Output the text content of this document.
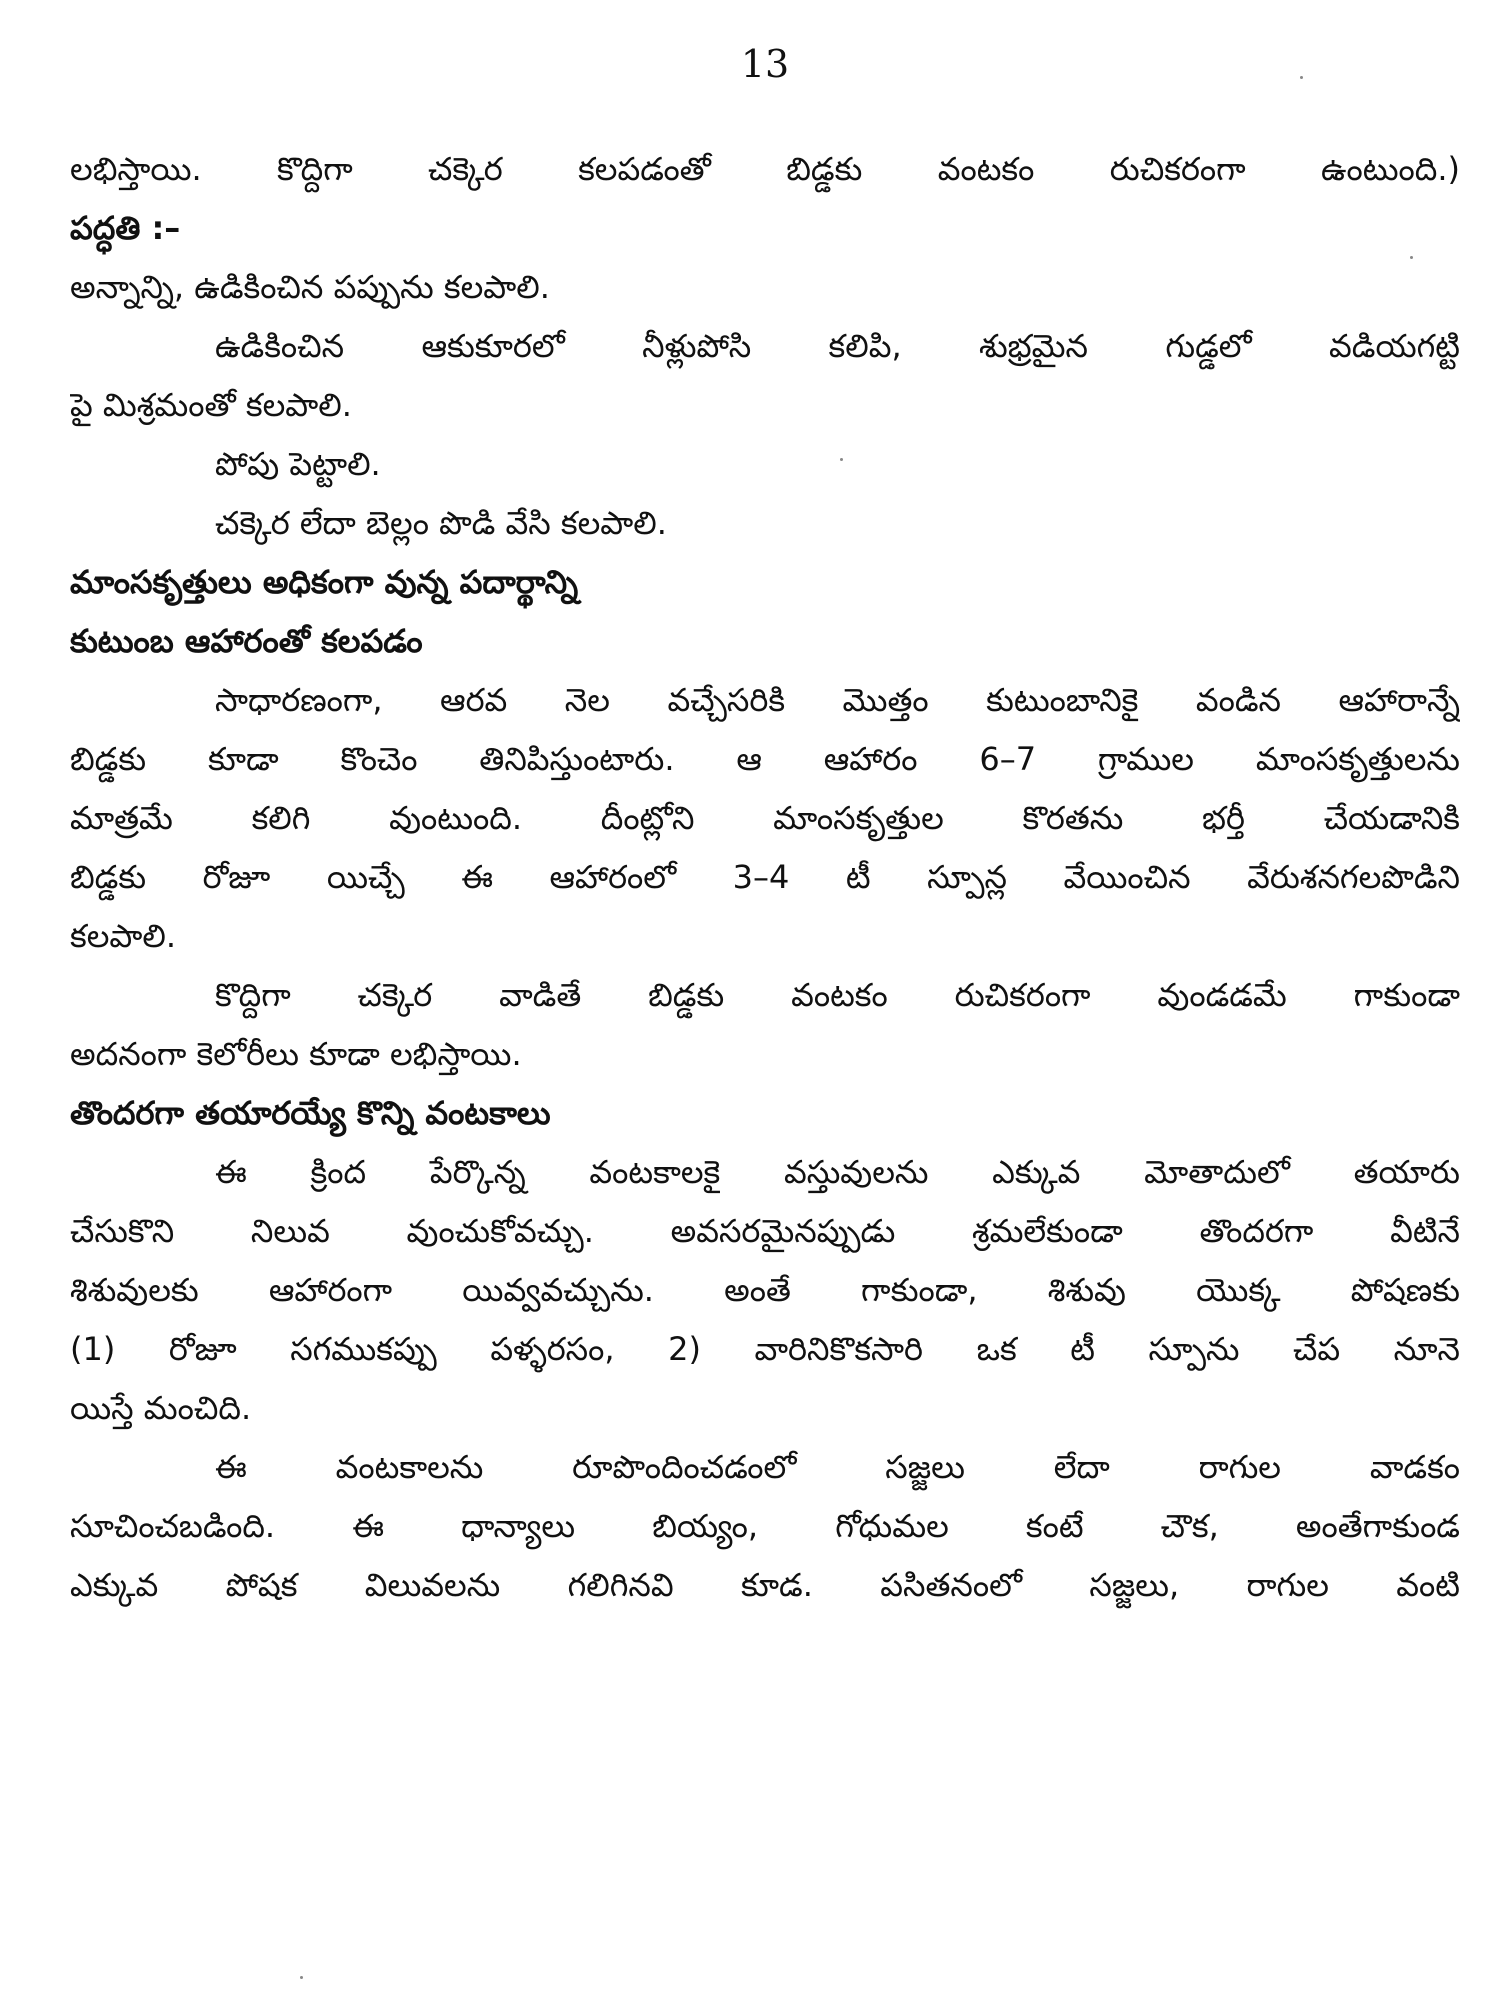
13

లభిస్తాయి. కొద్దిగా చక్కెర కలపడంతో బిడ్డకు వంటకం రుచికరంగా ఉంటుంది.)

పద్ధతి :–

అన్నాన్ని, ఉడికించిన పప్పును కలపాలి.

ఉడికించిన ఆకుకూరలో నీళ్లుపోసి కలిపి, శుభ్రమైన గుడ్డలో వడియగట్టి

పై మిశ్రమంతో కలపాలి.

పోపు పెట్టాలి.

చక్కెర లేదా బెల్లం పొడి వేసి కలపాలి.

మాంసకృత్తులు అధికంగా వున్న పదార్థాన్ని

కుటుంబ ఆహారంతో కలపడం

సాధారణంగా, ఆరవ నెల వచ్చేసరికి మొత్తం కుటుంబానికై వండిన ఆహారాన్నే

బిడ్డకు కూడా కొంచెం తినిపిస్తుంటారు. ఆ ఆహారం 6–7 గ్రాముల మాంసకృత్తులను

మాత్రమే కలిగి వుంటుంది. దీంట్లోని మాంసకృత్తుల కొరతను భర్తీ చేయడానికి

బిడ్డకు రోజూ యిచ్చే ఈ ఆహారంలో 3–4 టీ స్పూన్ల వేయించిన వేరుశనగలపొడిని

కలపాలి.

కొద్దిగా చక్కెర వాడితే బిడ్డకు వంటకం రుచికరంగా వుండడమే గాకుండా

అదనంగా కెలోరీలు కూడా లభిస్తాయి.

తొందరగా తయారయ్యే కొన్ని వంటకాలు

ఈ క్రింద పేర్కొన్న వంటకాలకై వస్తువులను ఎక్కువ మోతాదులో తయారు

చేసుకొని నిలువ వుంచుకోవచ్చు. అవసరమైనప్పుడు శ్రమలేకుండా తొందరగా వీటినే

శిశువులకు ఆహారంగా యివ్వవచ్చును. అంతే గాకుండా, శిశువు యొక్క పోషణకు

(1) రోజూ సగముకప్పు పళ్ళరసం, 2) వారినికొకసారి ఒక టీ స్పూను చేప నూనె

యిస్తే మంచిది.

ఈ వంటకాలను రూపొందించడంలో సజ్జలు లేదా రాగుల వాడకం

సూచించబడింది. ఈ ధాన్యాలు బియ్యం, గోధుమల కంటే చౌక, అంతేగాకుండ

ఎక్కువ పోషక విలువలను గలిగినవి కూడ. పసితనంలో సజ్జలు, రాగుల వంటి
